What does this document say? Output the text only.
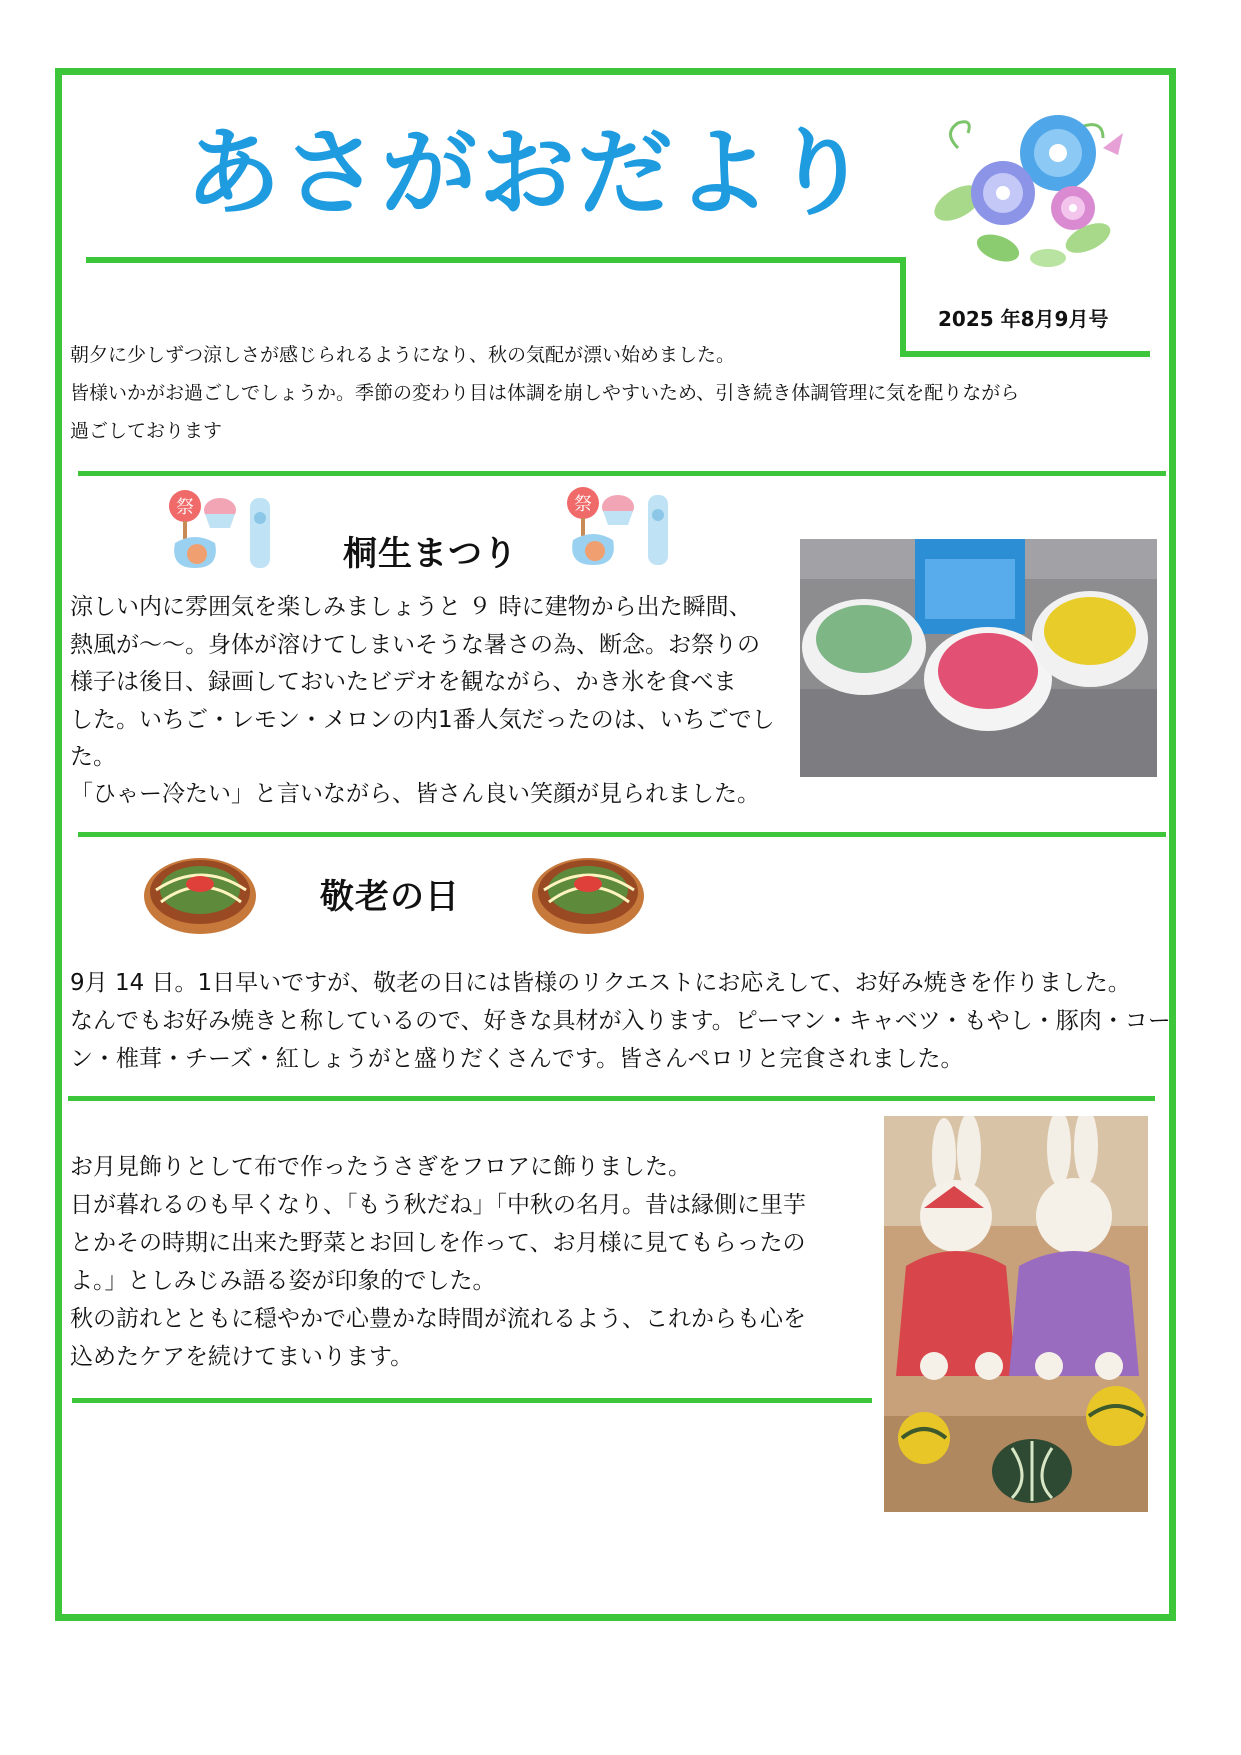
あさがおだより
2025 年8月9月号
朝夕に少しずつ涼しさが感じられるようになり、秋の気配が漂い始めました。
皆様いかがお過ごしでしょうか。季節の変わり目は体調を崩しやすいため、引き続き体調管理に気を配りながら
過ごしております
祭	祭
桐生まつり
涼しい内に雰囲気を楽しみましょうと ９ 時に建物から出た瞬間、
熱風が～～。身体が溶けてしまいそうな暑さの為、断念。お祭りの
様子は後日、録画しておいたビデオを観ながら、かき氷を食べま
した。いちご・レモン・メロンの内1番人気だったのは、いちごでし
た。
「ひゃー冷たい」と言いながら、皆さん良い笑顔が見られました。
敬老の日
9月 14 日。1日早いですが、敬老の日には皆様のリクエストにお応えして、お好み焼きを作りました。
なんでもお好み焼きと称しているので、好きな具材が入ります。ピーマン・キャベツ・もやし・豚肉・コー
ン・椎茸・チーズ・紅しょうがと盛りだくさんです。皆さんペロリと完食されました。
お月見飾りとして布で作ったうさぎをフロアに飾りました。
日が暮れるのも早くなり、「もう秋だね」「中秋の名月。昔は縁側に里芋
とかその時期に出来た野菜とお回しを作って、お月様に見てもらったの
よ。」としみじみ語る姿が印象的でした。
秋の訪れとともに穏やかで心豊かな時間が流れるよう、これからも心を
込めたケアを続けてまいります。
